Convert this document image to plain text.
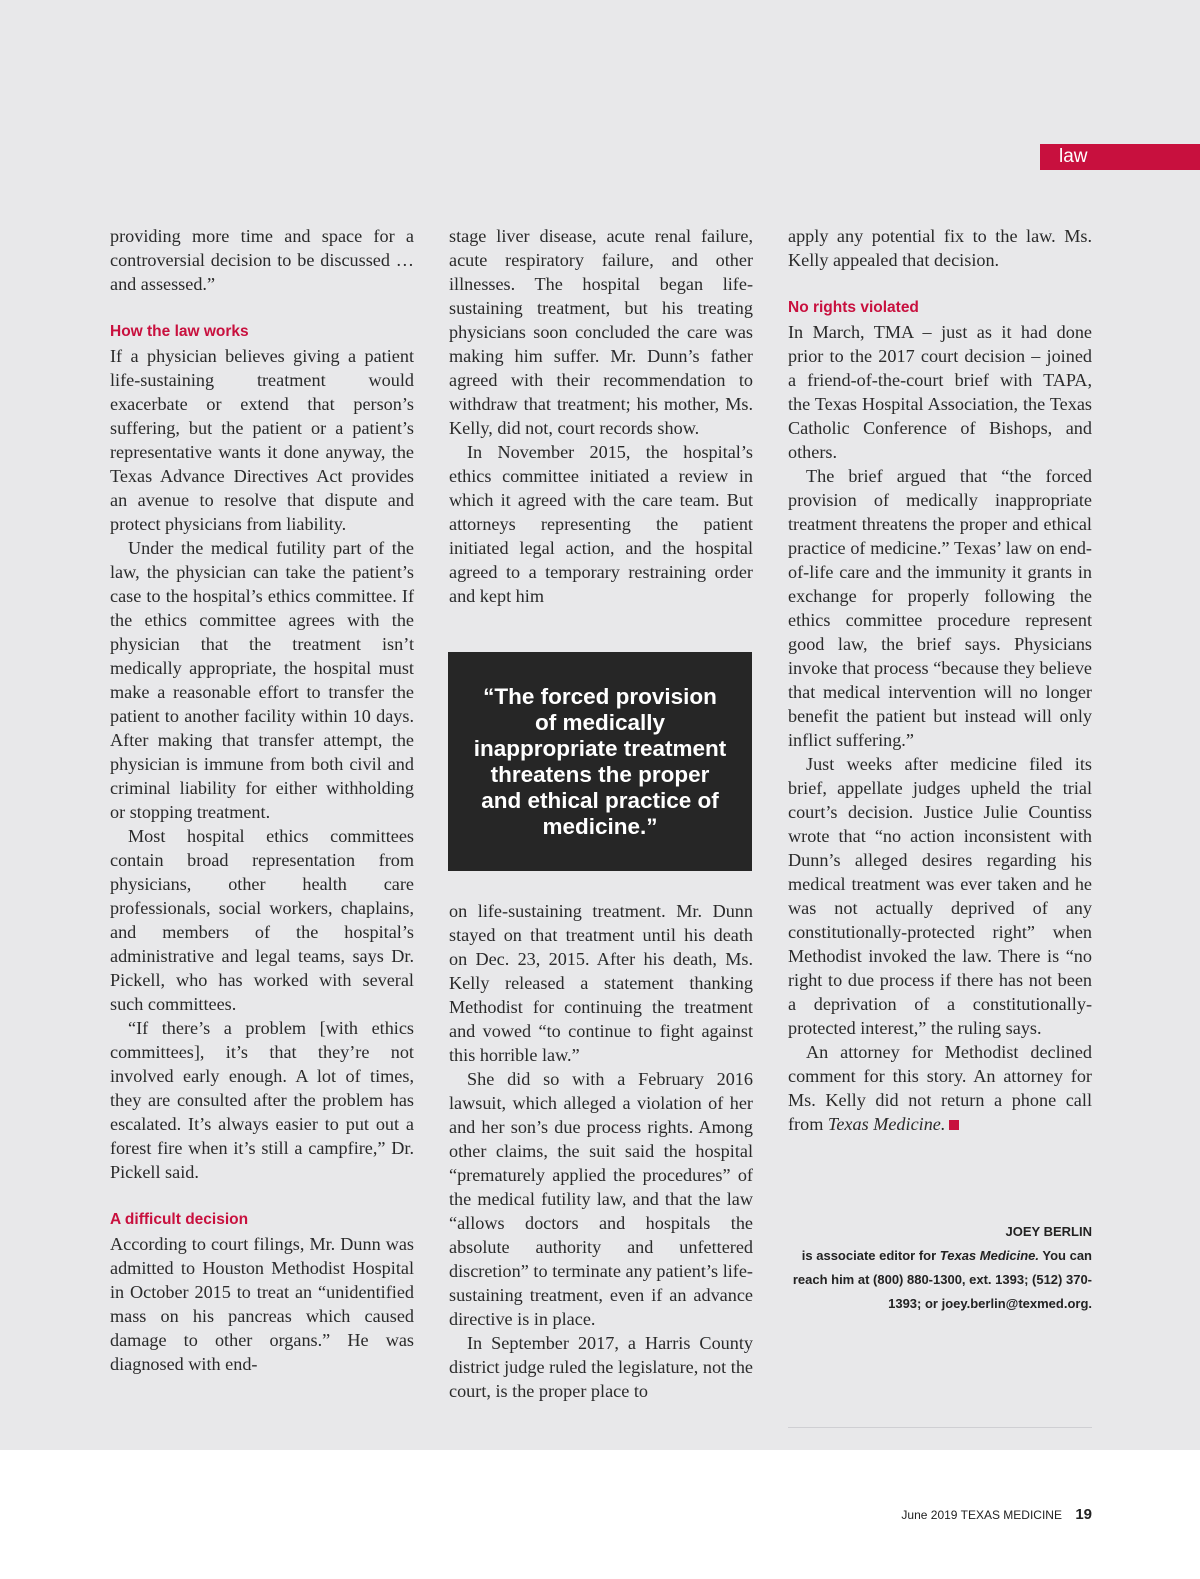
law

providing more time and space for a controversial decision to be discussed … and assessed.”

How the law works

If a physician believes giving a patient life-sustaining treatment would exacerbate or extend that person’s suffering, but the patient or a patient’s representative wants it done anyway, the Texas Advance Directives Act provides an avenue to resolve that dispute and protect physicians from liability.

Under the medical futility part of the law, the physician can take the patient’s case to the hospital’s ethics committee. If the ethics committee agrees with the physician that the treatment isn’t medically appropriate, the hospital must make a reasonable effort to transfer the patient to another facility within 10 days. After making that transfer attempt, the physician is immune from both civil and criminal liability for either withholding or stopping treatment.

Most hospital ethics committees contain broad representation from physicians, other health care professionals, social workers, chaplains, and members of the hospital’s administrative and legal teams, says Dr. Pickell, who has worked with several such committees.

“If there’s a problem [with ethics committees], it’s that they’re not involved early enough. A lot of times, they are consulted after the problem has escalated. It’s always easier to put out a forest fire when it’s still a campfire,” Dr. Pickell said.

A difficult decision

According to court filings, Mr. Dunn was admitted to Houston Methodist Hospital in October 2015 to treat an “unidentified mass on his pancreas which caused damage to other organs.” He was diagnosed with end-

stage liver disease, acute renal failure, acute respiratory failure, and other illnesses. The hospital began life-sustaining treatment, but his treating physicians soon concluded the care was making him suffer. Mr. Dunn’s father agreed with their recommendation to withdraw that treatment; his mother, Ms. Kelly, did not, court records show.

In November 2015, the hospital’s ethics committee initiated a review in which it agreed with the care team. But attorneys representing the patient initiated legal action, and the hospital agreed to a temporary restraining order and kept him

“The forced provision of medically inappropriate treatment threatens the proper and ethical practice of medicine.”

on life-sustaining treatment. Mr. Dunn stayed on that treatment until his death on Dec. 23, 2015. After his death, Ms. Kelly released a statement thanking Methodist for continuing the treatment and vowed “to continue to fight against this horrible law.”

She did so with a February 2016 lawsuit, which alleged a violation of her and her son’s due process rights. Among other claims, the suit said the hospital “prematurely applied the procedures” of the medical futility law, and that the law “allows doctors and hospitals the absolute authority and unfettered discretion” to terminate any patient’s life-sustaining treatment, even if an advance directive is in place.

In September 2017, a Harris County district judge ruled the legislature, not the court, is the proper place to

apply any potential fix to the law. Ms. Kelly appealed that decision.

No rights violated

In March, TMA – just as it had done prior to the 2017 court decision – joined a friend-of-the-court brief with TAPA, the Texas Hospital Association, the Texas Catholic Conference of Bishops, and others.

The brief argued that “the forced provision of medically inappropriate treatment threatens the proper and ethical practice of medicine.” Texas’ law on end-of-life care and the immunity it grants in exchange for properly following the ethics committee procedure represent good law, the brief says. Physicians invoke that process “because they believe that medical intervention will no longer benefit the patient but instead will only inflict suffering.”

Just weeks after medicine filed its brief, appellate judges upheld the trial court’s decision. Justice Julie Countiss wrote that “no action inconsistent with Dunn’s alleged desires regarding his medical treatment was ever taken and he was not actually deprived of any constitutionally-protected right” when Methodist invoked the law. There is “no right to due process if there has not been a deprivation of a constitutionally-protected interest,” the ruling says.

An attorney for Methodist declined comment for this story. An attorney for Ms. Kelly did not return a phone call from Texas Medicine.

JOEY BERLIN
is associate editor for Texas Medicine. You can reach him at (800) 880-1300, ext. 1393; (512) 370-1393; or joey.berlin@texmed.org.
June 2019 TEXAS MEDICINE 19
